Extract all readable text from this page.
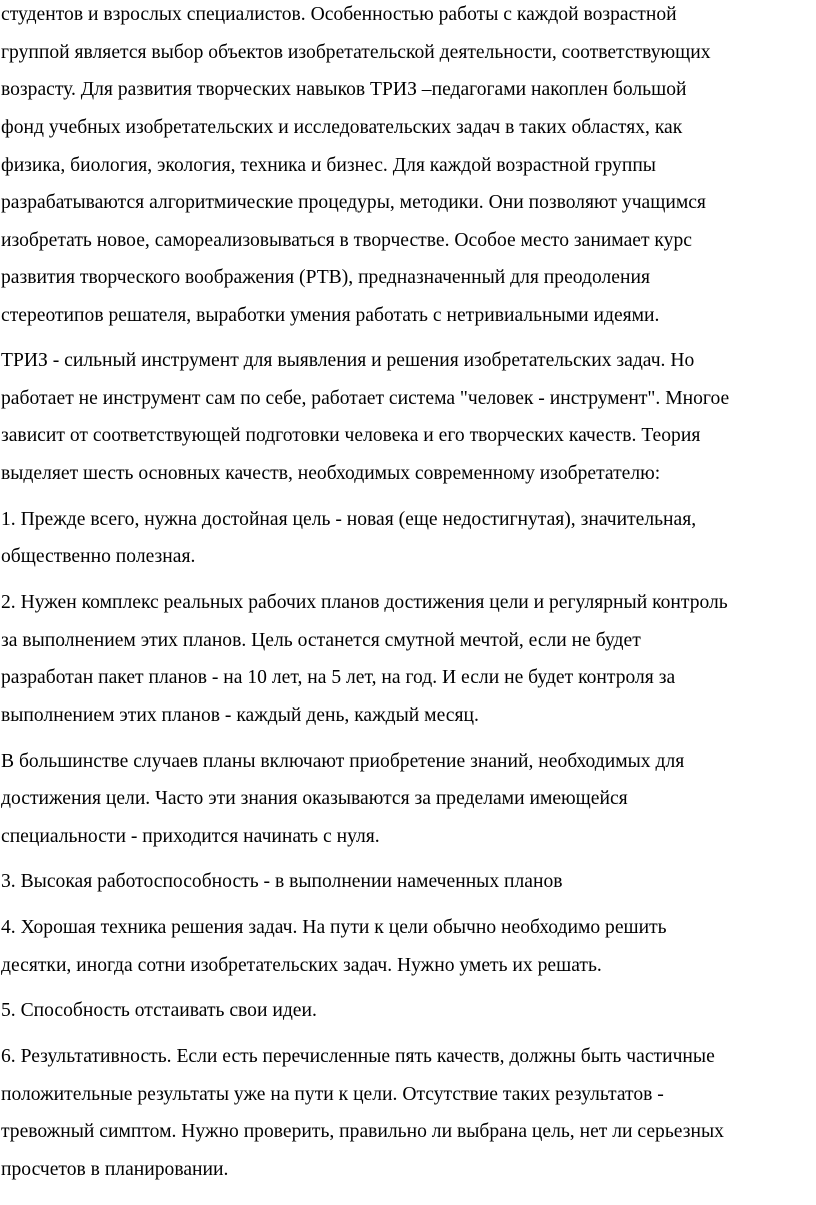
студентов и взрослых специалистов. Особенностью работы с каждой возрастной
группой является выбор объектов изобретательской деятельности, соответствующих
возрасту. Для развития творческих навыков ТРИЗ –педагогами накоплен большой
фонд учебных изобретательских и исследовательских задач в таких областях, как
физика, биология, экология, техника и бизнес. Для каждой возрастной группы
разрабатываются алгоритмические процедуры, методики. Они позволяют учащимся
изобретать новое, самореализовываться в творчестве. Особое место занимает курс
развития творческого воображения (РТВ), предназначенный для преодоления
стереотипов решателя, выработки умения работать с нетривиальными идеями.
ТРИЗ - сильный инструмент для выявления и решения изобретательских задач. Но
работает не инструмент сам по себе, работает система "человек - инструмент". Многое
зависит от соответствующей подготовки человека и его творческих качеств. Теория
выделяет шесть основных качеств, необходимых современному изобретателю:
1. Прежде всего, нужна достойная цель - новая (еще недостигнутая), значительная,
общественно полезная.
2. Нужен комплекс реальных рабочих планов достижения цели и регулярный контроль
за выполнением этих планов. Цель останется смутной мечтой, если не будет
разработан пакет планов - на 10 лет, на 5 лет, на год. И если не будет контроля за
выполнением этих планов - каждый день, каждый месяц.
В большинстве случаев планы включают приобретение знаний, необходимых для
достижения цели. Часто эти знания оказываются за пределами имеющейся
специальности - приходится начинать с нуля.
3. Высокая работоспособность - в выполнении намеченных планов
4. Хорошая техника решения задач. На пути к цели обычно необходимо решить
десятки, иногда сотни изобретательских задач. Нужно уметь их решать.
5. Способность отстаивать свои идеи.
6. Результативность. Если есть перечисленные пять качеств, должны быть частичные
положительные результаты уже на пути к цели. Отсутствие таких результатов -
тревожный симптом. Нужно проверить, правильно ли выбрана цель, нет ли серьезных
просчетов в планировании.
